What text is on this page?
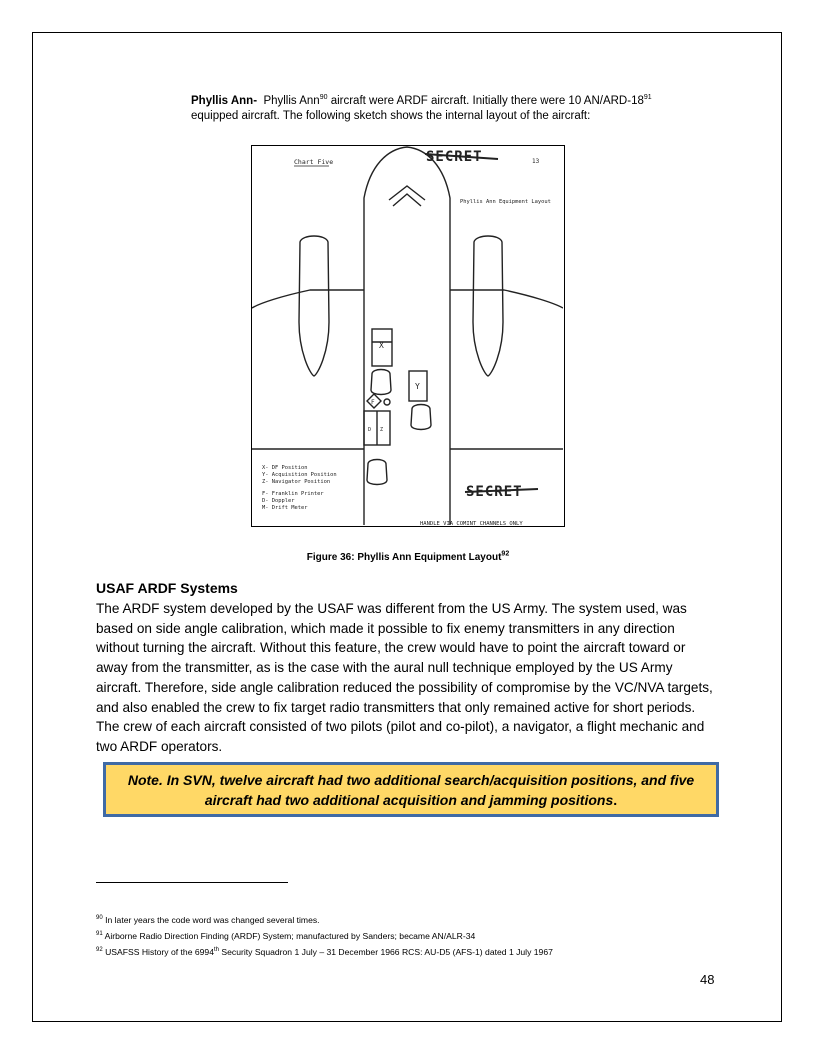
Phyllis Ann- Phyllis Ann$^{90}$ aircraft were ARDF aircraft. Initially there were 10 $AN/ARD-18^{91}$
equipped aircraft. The following sketch shows the internal layout of the aircraft:
Chart Five	SECRET	13
Phyllis Ann Equipment Layout
X
Y
F
D Z
X- DF Position
Y- Acquisition Position
Z- Navigator Position
F- Franklin Printer
D- Doppler
M- Drift Meter
SECRET
HANDLE VIA COMINT CHANNELS ONLY
Figure 36: Phyllis Ann Equipment Layout$^{92}$
USAF ARDF Systems
The ARDF system developed by the USAF was different from the US Army. The system used, was based on side angle calibration, which made it possible to fix enemy transmitters in any direction without turning the aircraft. Without this feature, the crew would have to point the aircraft toward or away from the transmitter, as is the case with the aural null technique employed by the US Army aircraft. Therefore, side angle calibration reduced the possibility of compromise by the VC/NVA targets, and also enabled the crew to fix target radio transmitters that only remained active for short periods. The crew of each aircraft consisted of two pilots (pilot and co-pilot), a navigator, a flight mechanic and two ARDF operators.
Note. In SVN, twelve aircraft had two additional search/acquisition positions, and five
aircraft had two additional acquisition and jamming positions.
$^{90}$ In later years the code word was changed several times.
$^{91}$ Airborne Radio Direction Finding (ARDF) System; manufactured by Sanders; became AN/ALR-34
$^{92}$ USAFSS History of the 6994th Security Squadron 1 July – 31 December 1966 RCS: AU-D5 (AFS-1) dated 1 July 1967
48
